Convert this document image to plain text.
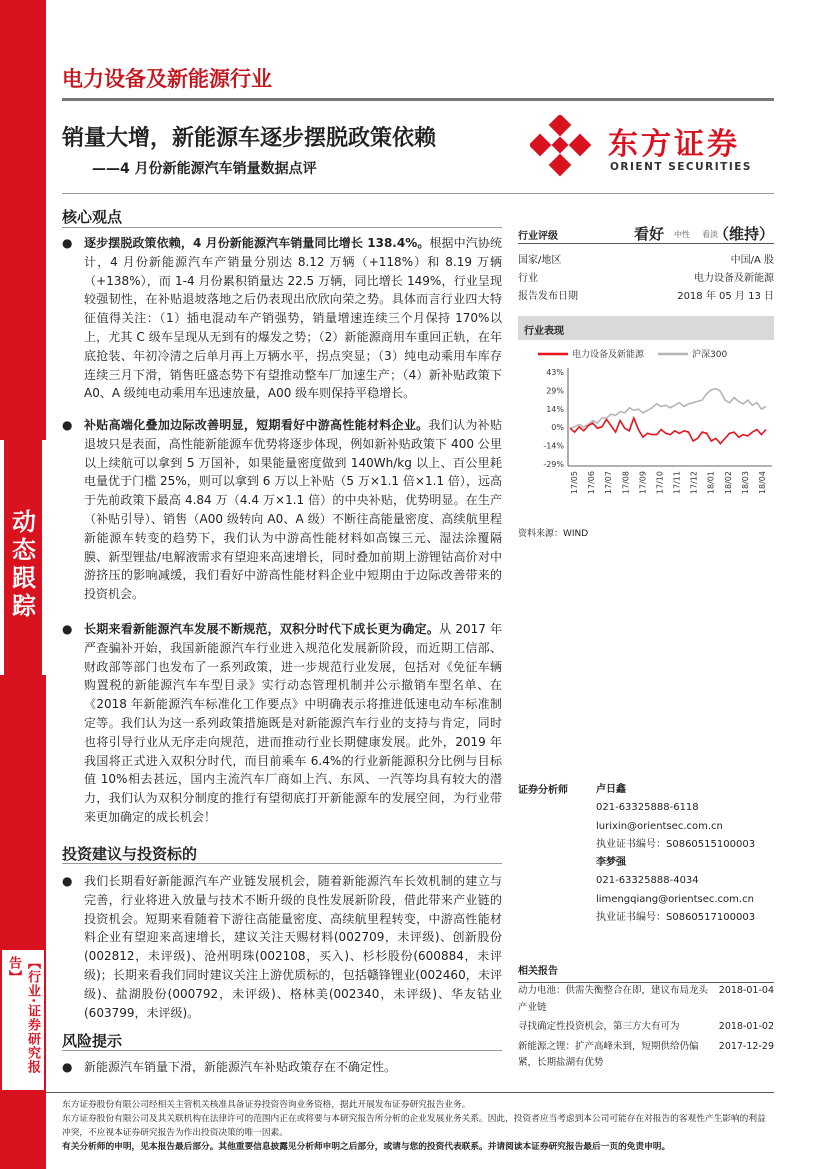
动态跟踪
【行业·证券研究报告】
电力设备及新能源行业
销量大增，新能源车逐步摆脱政策依赖
——4 月份新能源汽车销量数据点评
东方证券
ORIENT SECURITIES
核心观点
● 逐步摆脱政策依赖，4 月份新能源汽车销量同比增长 138.4%。根据中汽协统计，4 月份新能源汽车产销量分别达 8.12 万辆（+118%）和 8.19 万辆（+138%），而 1-4 月份累积销量达 22.5 万辆，同比增长 149%，行业呈现较强韧性，在补贴退坡落地之后仍表现出欣欣向荣之势。具体而言行业四大特征值得关注：（1）插电混动车产销强势，销量增速连续三个月保持 170%以上，尤其 C 级车呈现从无到有的爆发之势；（2）新能源商用车重回正轨，在年底抢装、年初冷清之后单月再上万辆水平，拐点突显；（3）纯电动乘用车库存连续三月下滑，销售旺盛态势下有望推动整车厂加速生产；（4）新补贴政策下 A0、A 级纯电动乘用车迅速放量，A00 级车则保持平稳增长。
● 补贴高端化叠加边际改善明显，短期看好中游高性能材料企业。我们认为补贴退坡只是表面，高性能新能源车优势将逐步体现，例如新补贴政策下 400 公里以上续航可以拿到 5 万国补，如果能量密度做到 140Wh/kg 以上、百公里耗电量优于门槛 25%，则可以拿到 6 万以上补贴（5 万×1.1 倍×1.1 倍），远高于先前政策下最高 4.84 万（4.4 万×1.1 倍）的中央补贴，优势明显。在生产（补贴引导）、销售（A00 级转向 A0、A 级）不断往高能量密度、高续航里程新能源车转变的趋势下，我们认为中游高性能材料如高镍三元、湿法涂覆隔膜、新型锂盐/电解液需求有望迎来高速增长，同时叠加前期上游锂钴高价对中游挤压的影响减缓，我们看好中游高性能材料企业中短期由于边际改善带来的投资机会。
● 长期来看新能源汽车发展不断规范，双积分时代下成长更为确定。从 2017 年严查骗补开始，我国新能源汽车行业进入规范化发展新阶段，而近期工信部、财政部等部门也发布了一系列政策，进一步规范行业发展，包括对《免征车辆购置税的新能源汽车车型目录》实行动态管理机制并公示撤销车型名单、在《2018 年新能源汽车标准化工作要点》中明确表示将推进低速电动车标准制定等。我们认为这一系列政策措施既是对新能源汽车行业的支持与肯定，同时也将引导行业从无序走向规范，进而推动行业长期健康发展。此外，2019 年我国将正式进入双积分时代，而目前乘车 6.4%的行业新能源积分比例与目标值 10%相去甚远，国内主流汽车厂商如上汽、东风、一汽等均具有较大的潜力，我们认为双积分制度的推行有望彻底打开新能源车的发展空间，为行业带来更加确定的成长机会！
投资建议与投资标的
● 我们长期看好新能源汽车产业链发展机会，随着新能源汽车长效机制的建立与完善，行业将进入放量与技术不断升级的良性发展新阶段，借此带来产业链的投资机会。短期来看随着下游往高能量密度、高续航里程转变，中游高性能材料企业有望迎来高速增长，建议关注天赐材料(002709，未评级)、创新股份(002812，未评级)、沧州明珠(002108，买入)、杉杉股份(600884，未评级)；长期来看我们同时建议关注上游优质标的，包括赣锋锂业(002460，未评级)、盐湖股份(000792，未评级)、格林美(002340，未评级)、华友钴业(603799，未评级)。
风险提示
● 新能源汽车销量下滑，新能源汽车补贴政策存在不确定性。
行业评级	看好 中性 看淡
（维持）
国家/地区	中国/A 股
行业	电力设备及新能源
报告发布日期	2018 年 05 月 13 日
行业表现
电力设备及新能源	沪深300
43%
29%
14%
0%
-14%
-29%
17/05 17/06 17/07 17/08 17/09 17/10 17/11 17/12 18/01 18/02 18/03 18/04
资料来源：WIND
证券分析师	卢日鑫
021-63325888-6118
lurixin@orientsec.com.cn
执业证书编号：S0860515100003
李梦强
021-63325888-4034
limengqiang@orientsec.com.cn
执业证书编号：S0860517100003
相关报告
动力电池：供需失衡整合在即，建议布局龙头产业链
2018-01-04
寻找确定性投资机会，第三方大有可为	2018-01-02
新能源之锂：扩产高峰未到，短期供给仍偏紧，长期盐湖有优势
2017-12-29
东方证券股份有限公司经相关主管机关核准具备证券投资咨询业务资格，据此开展发布证券研究报告业务。
东方证券股份有限公司及其关联机构在法律许可的范围内正在或将要与本研究报告所分析的企业发展业务关系。因此，投资者应当考虑到本公司可能存在对报告的客观性产生影响的利益冲突，不应视本证券研究报告为作出投资决策的唯一因素。
有关分析师的申明，见本报告最后部分。其他重要信息披露见分析师申明之后部分，或请与您的投资代表联系。并请阅读本证券研究报告最后一页的免责申明。
